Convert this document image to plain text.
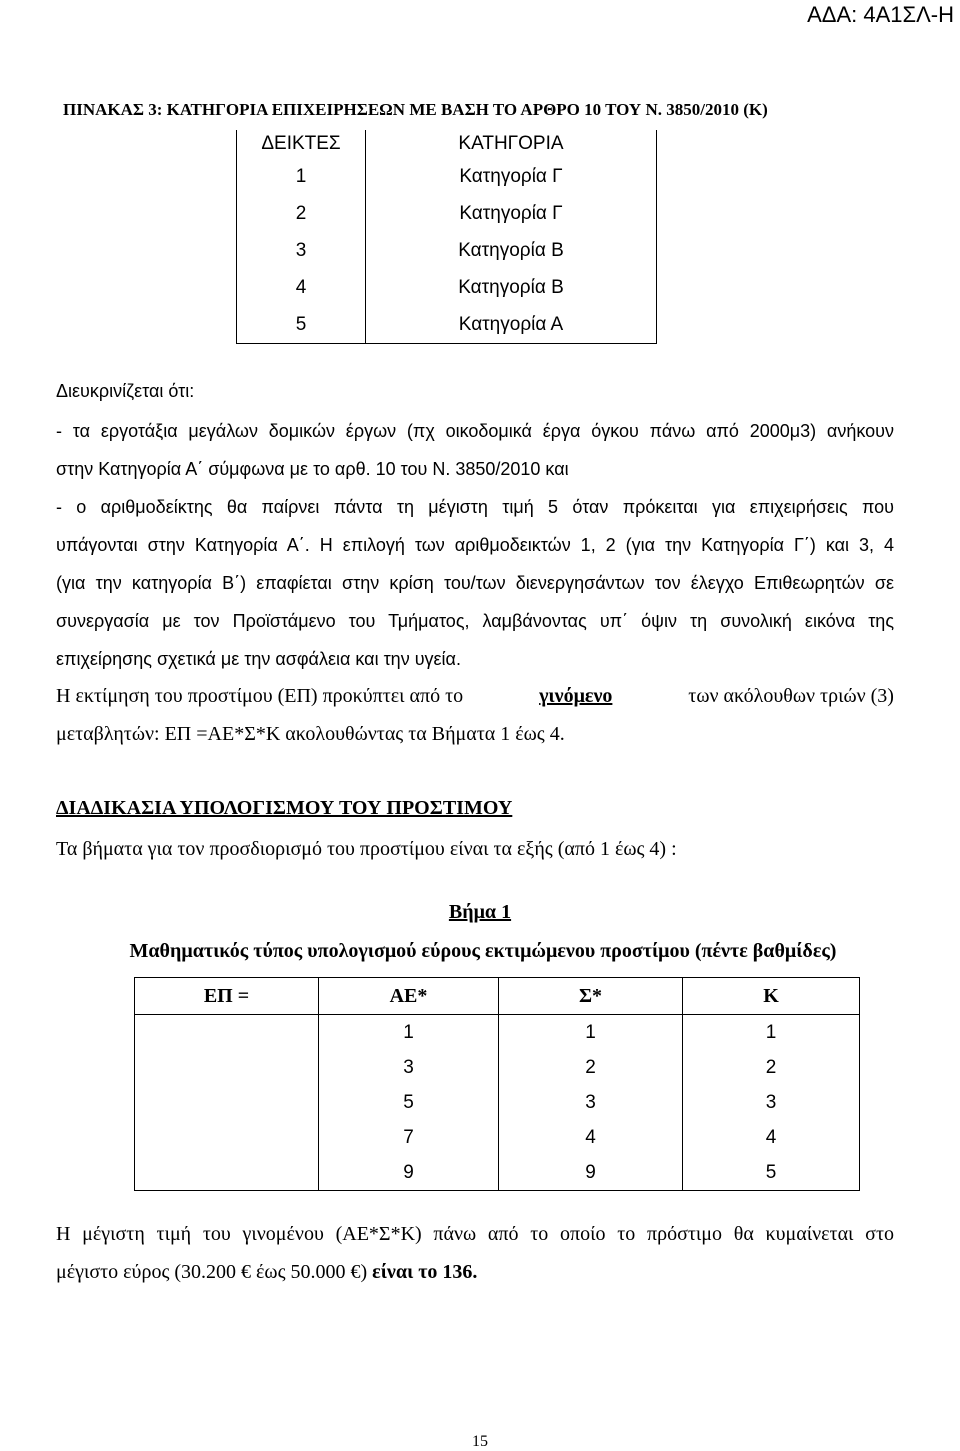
ΑΔΑ: 4Α1ΣΛ-Η
ΠΙΝΑΚΑΣ 3: ΚΑΤΗΓΟΡΙΑ ΕΠΙΧΕΙΡΗΣΕΩΝ ΜΕ ΒΑΣΗ ΤΟ ΑΡΘΡΟ 10 ΤΟΥ Ν. 3850/2010 (Κ)
ΔΕΙΚΤΕΣ	ΚΑΤΗΓΟΡΙΑ
1	Κατηγορία Γ
2	Κατηγορία Γ
3	Κατηγορία Β
4	Κατηγορία Β
5	Κατηγορία Α
Διευκρινίζεται ότι:
- τα εργοτάξια μεγάλων δομικών έργων (πχ οικοδομικά έργα όγκου πάνω από 2000μ3) ανήκουν
στην Κατηγορία Α΄ σύμφωνα με το αρθ. 10 του Ν. 3850/2010 και
- ο αριθμοδείκτης θα παίρνει πάντα τη μέγιστη τιμή 5 όταν πρόκειται για επιχειρήσεις που
υπάγονται στην Κατηγορία Α΄. Η επιλογή των αριθμοδεικτών 1, 2 (για την Κατηγορία Γ΄) και 3, 4
(για την κατηγορία Β΄) επαφίεται στην κρίση του/των διενεργησάντων τον έλεγχο Επιθεωρητών σε
συνεργασία με τον Προϊστάμενο του Τμήματος, λαμβάνοντας υπ΄ όψιν τη συνολική εικόνα της
επιχείρησης σχετικά με την ασφάλεια και την υγεία.
Η εκτίμηση του προστίμου (ΕΠ) προκύπτει από το	γινόμενο	των ακόλουθων τριών (3)
μεταβλητών: ΕΠ =ΑΕ*Σ*Κ ακολουθώντας τα Βήματα 1 έως 4.
ΔΙΑΔΙΚΑΣΙΑ ΥΠΟΛΟΓΙΣΜΟΥ ΤΟΥ ΠΡΟΣΤΙΜΟΥ
Τα βήματα για τον προσδιορισμό του προστίμου είναι τα εξής (από 1 έως 4) :
Βήμα 1
Μαθηματικός τύπος υπολογισμού εύρους εκτιμώμενου προστίμου (πέντε βαθμίδες)
ΕΠ =	ΑΕ*	Σ*	Κ
	1	1	1
	3	2	2
	5	3	3
	7	4	4
	9	9	5
Η μέγιστη τιμή του γινομένου (ΑΕ*Σ*Κ) πάνω από το οποίο το πρόστιμο θα κυμαίνεται στο
μέγιστο εύρος (30.200 € έως 50.000 €) είναι το 136.
15
